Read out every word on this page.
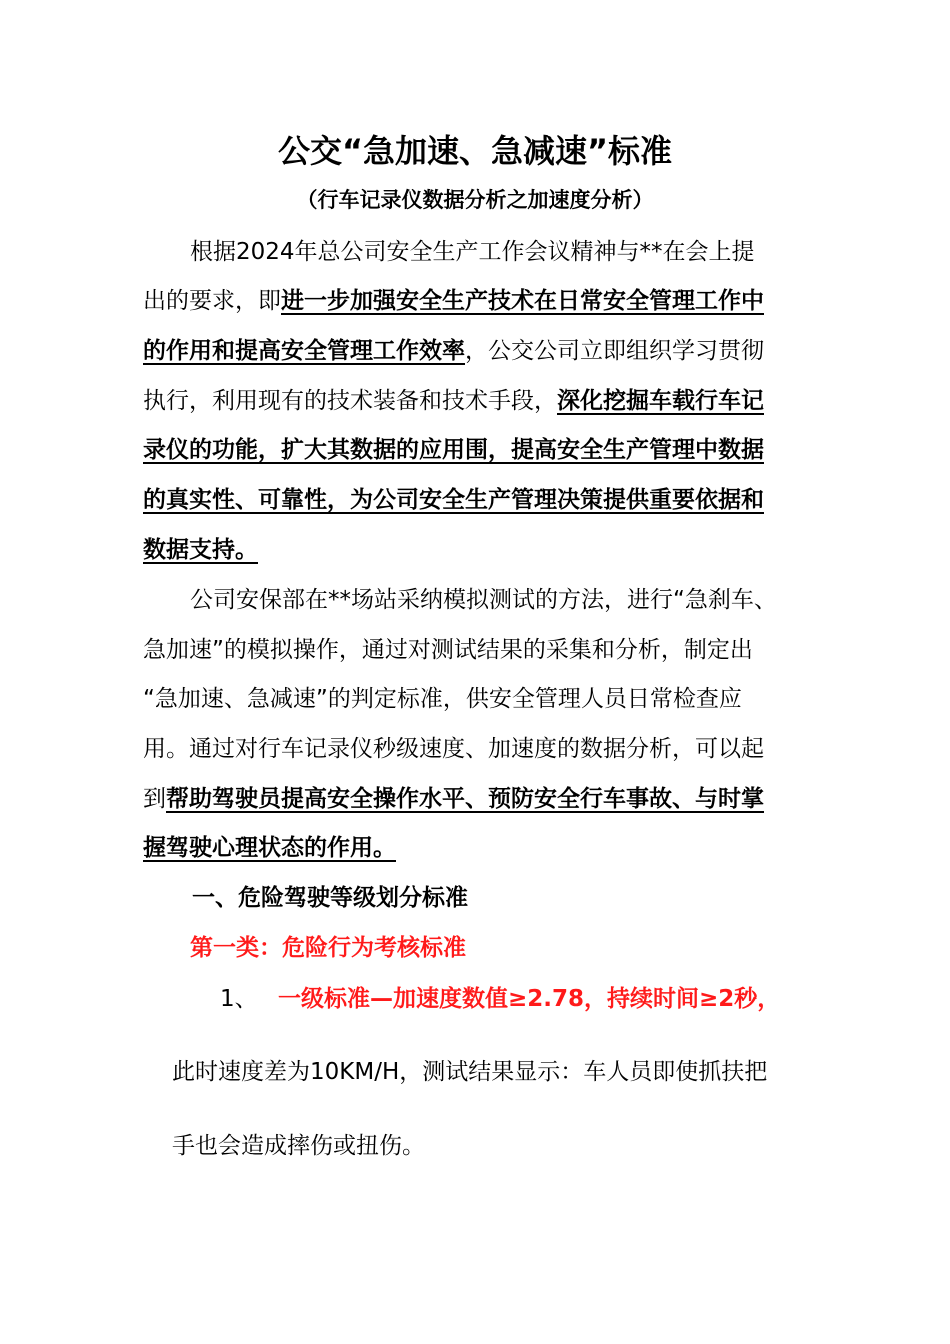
公交“急加速、急减速”标准
（行车记录仪数据分析之加速度分析）
根据2024年总公司安全生产工作会议精神与**在会上提
出的要求，即进一步加强安全生产技术在日常安全管理工作中
的作用和提高安全管理工作效率，公交公司立即组织学习贯彻
执行，利用现有的技术装备和技术手段，深化挖掘车载行车记
录仪的功能，扩大其数据的应用围，提高安全生产管理中数据
的真实性、可靠性，为公司安全生产管理决策提供重要依据和
数据支持。
公司安保部在**场站采纳模拟测试的方法，进行“急刹车、
急加速”的模拟操作，通过对测试结果的采集和分析，制定出
“急加速、急减速”的判定标准，供安全管理人员日常检查应
用。通过对行车记录仪秒级速度、加速度的数据分析，可以起
到帮助驾驶员提高安全操作水平、预防安全行车事故、与时掌
握驾驶心理状态的作用。
一、危险驾驶等级划分标准
第一类：危险行为考核标准
1、 一级标准—加速度数值≥2.78，持续时间≥2秒，
此时速度差为10KM/H，测试结果显示：车人员即使抓扶把
手也会造成摔伤或扭伤。
